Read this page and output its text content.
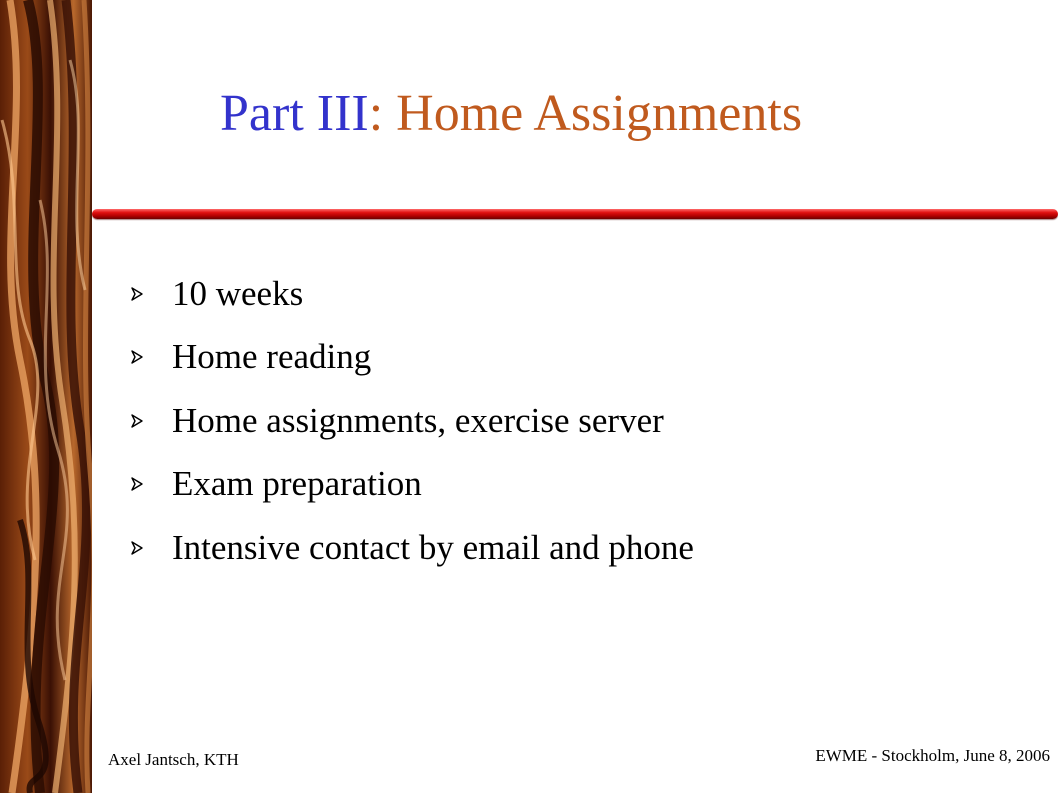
Part III: Home Assignments
10 weeks
Home reading
Home assignments, exercise server
Exam preparation
Intensive contact by email and phone
Axel Jantsch, KTH	EWME - Stockholm, June 8, 2006
